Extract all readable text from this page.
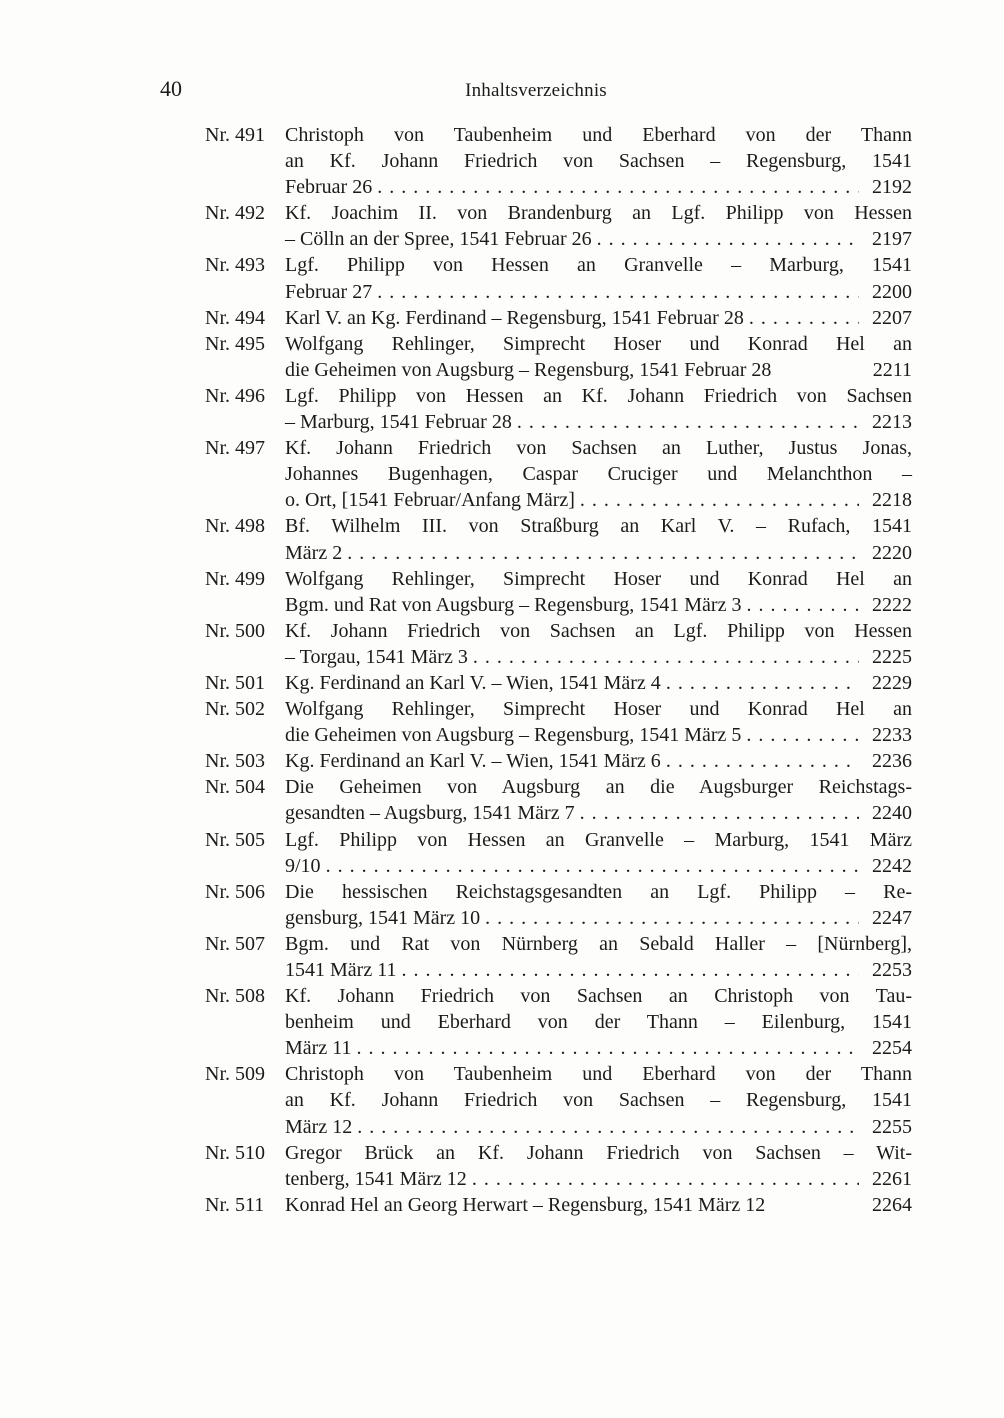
40	Inhaltsverzeichnis
Nr. 491	Christoph von Taubenheim und Eberhard von der Thann
an Kf. Johann Friedrich von Sachsen – Regensburg, 1541
Februar 26 . . .	2192
Nr. 492	Kf. Joachim II. von Brandenburg an Lgf. Philipp von Hessen
– Cölln an der Spree, 1541 Februar 26 . . .	2197
Nr. 493	Lgf. Philipp von Hessen an Granvelle – Marburg, 1541
Februar 27 . . .	2200
Nr. 494	Karl V. an Kg. Ferdinand – Regensburg, 1541 Februar 28 . . .	2207
Nr. 495	Wolfgang Rehlinger, Simprecht Hoser und Konrad Hel an
die Geheimen von Augsburg – Regensburg, 1541 Februar 28	2211
Nr. 496	Lgf. Philipp von Hessen an Kf. Johann Friedrich von Sachsen
– Marburg, 1541 Februar 28 . . .	2213
Nr. 497	Kf. Johann Friedrich von Sachsen an Luther, Justus Jonas,
Johannes Bugenhagen, Caspar Cruciger und Melanchthon –
o. Ort, [1541 Februar/Anfang März] . . .	2218
Nr. 498	Bf. Wilhelm III. von Straßburg an Karl V. – Rufach, 1541
März 2 . . .	2220
Nr. 499	Wolfgang Rehlinger, Simprecht Hoser und Konrad Hel an
Bgm. und Rat von Augsburg – Regensburg, 1541 März 3 . . .	2222
Nr. 500	Kf. Johann Friedrich von Sachsen an Lgf. Philipp von Hessen
– Torgau, 1541 März 3 . . .	2225
Nr. 501	Kg. Ferdinand an Karl V. – Wien, 1541 März 4 . . .	2229
Nr. 502	Wolfgang Rehlinger, Simprecht Hoser und Konrad Hel an
die Geheimen von Augsburg – Regensburg, 1541 März 5 . . .	2233
Nr. 503	Kg. Ferdinand an Karl V. – Wien, 1541 März 6 . . .	2236
Nr. 504	Die Geheimen von Augsburg an die Augsburger Reichstags-
gesandten – Augsburg, 1541 März 7 . . .	2240
Nr. 505	Lgf. Philipp von Hessen an Granvelle – Marburg, 1541 März
9/10 . . .	2242
Nr. 506	Die hessischen Reichstagsgesandten an Lgf. Philipp – Re-
gensburg, 1541 März 10 . . .	2247
Nr. 507	Bgm. und Rat von Nürnberg an Sebald Haller – [Nürnberg],
1541 März 11 . . .	2253
Nr. 508	Kf. Johann Friedrich von Sachsen an Christoph von Tau-
benheim und Eberhard von der Thann – Eilenburg, 1541
März 11 . . .	2254
Nr. 509	Christoph von Taubenheim und Eberhard von der Thann
an Kf. Johann Friedrich von Sachsen – Regensburg, 1541
März 12 . . .	2255
Nr. 510	Gregor Brück an Kf. Johann Friedrich von Sachsen – Wit-
tenberg, 1541 März 12 . . .	2261
Nr. 511	Konrad Hel an Georg Herwart – Regensburg, 1541 März 12	2264
